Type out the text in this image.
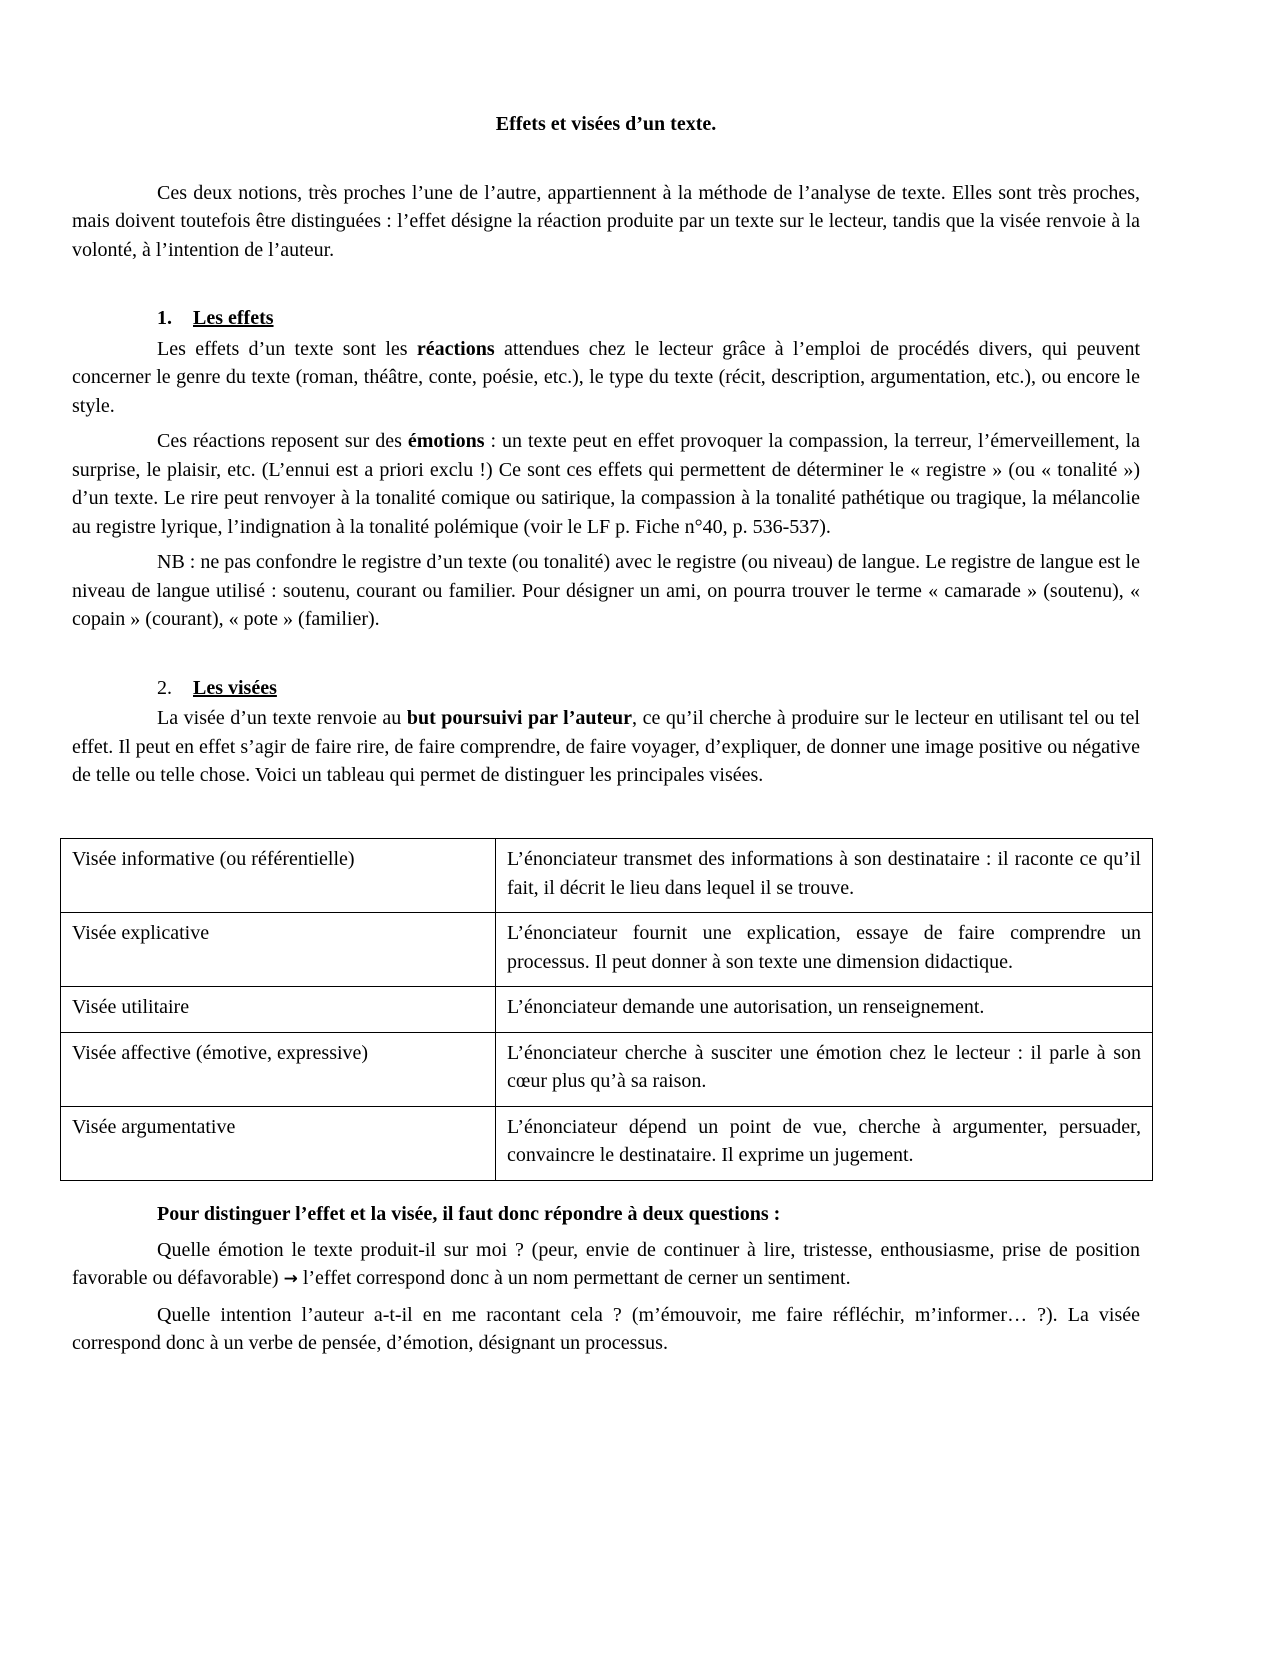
Effets et visées d’un texte.

Ces deux notions, très proches l’une de l’autre, appartiennent à la méthode de l’analyse de texte. Elles sont très proches, mais doivent toutefois être distinguées : l’effet désigne la réaction produite par un texte sur le lecteur, tandis que la visée renvoie à la volonté, à l’intention de l’auteur.

1. Les effets

Les effets d’un texte sont les réactions attendues chez le lecteur grâce à l’emploi de procédés divers, qui peuvent concerner le genre du texte (roman, théâtre, conte, poésie, etc.), le type du texte (récit, description, argumentation, etc.), ou encore le style.

Ces réactions reposent sur des émotions : un texte peut en effet provoquer la compassion, la terreur, l’émerveillement, la surprise, le plaisir, etc. (L’ennui est a priori exclu !) Ce sont ces effets qui permettent de déterminer le « registre » (ou « tonalité ») d’un texte. Le rire peut renvoyer à la tonalité comique ou satirique, la compassion à la tonalité pathétique ou tragique, la mélancolie au registre lyrique, l’indignation à la tonalité polémique (voir le LF p. Fiche n°40, p. 536-537).

NB : ne pas confondre le registre d’un texte (ou tonalité) avec le registre (ou niveau) de langue. Le registre de langue est le niveau de langue utilisé : soutenu, courant ou familier. Pour désigner un ami, on pourra trouver le terme « camarade » (soutenu), « copain » (courant), « pote » (familier).

2. Les visées

La visée d’un texte renvoie au but poursuivi par l’auteur, ce qu’il cherche à produire sur le lecteur en utilisant tel ou tel effet. Il peut en effet s’agir de faire rire, de faire comprendre, de faire voyager, d’expliquer, de donner une image positive ou négative de telle ou telle chose. Voici un tableau qui permet de distinguer les principales visées.

Visée informative (ou référentielle)	L’énonciateur transmet des informations à son destinataire : il raconte ce qu’il fait, il décrit le lieu dans lequel il se trouve.
Visée explicative	L’énonciateur fournit une explication, essaye de faire comprendre un processus. Il peut donner à son texte une dimension didactique.
Visée utilitaire	L’énonciateur demande une autorisation, un renseignement.
Visée affective (émotive, expressive)	L’énonciateur cherche à susciter une émotion chez le lecteur : il parle à son cœur plus qu’à sa raison.
Visée argumentative	L’énonciateur dépend un point de vue, cherche à argumenter, persuader, convaincre le destinataire. Il exprime un jugement.

Pour distinguer l’effet et la visée, il faut donc répondre à deux questions :

Quelle émotion le texte produit-il sur moi ? (peur, envie de continuer à lire, tristesse, enthousiasme, prise de position favorable ou défavorable) → l’effet correspond donc à un nom permettant de cerner un sentiment.

Quelle intention l’auteur a-t-il en me racontant cela ? (m’émouvoir, me faire réfléchir, m’informer… ?). La visée correspond donc à un verbe de pensée, d’émotion, désignant un processus.
